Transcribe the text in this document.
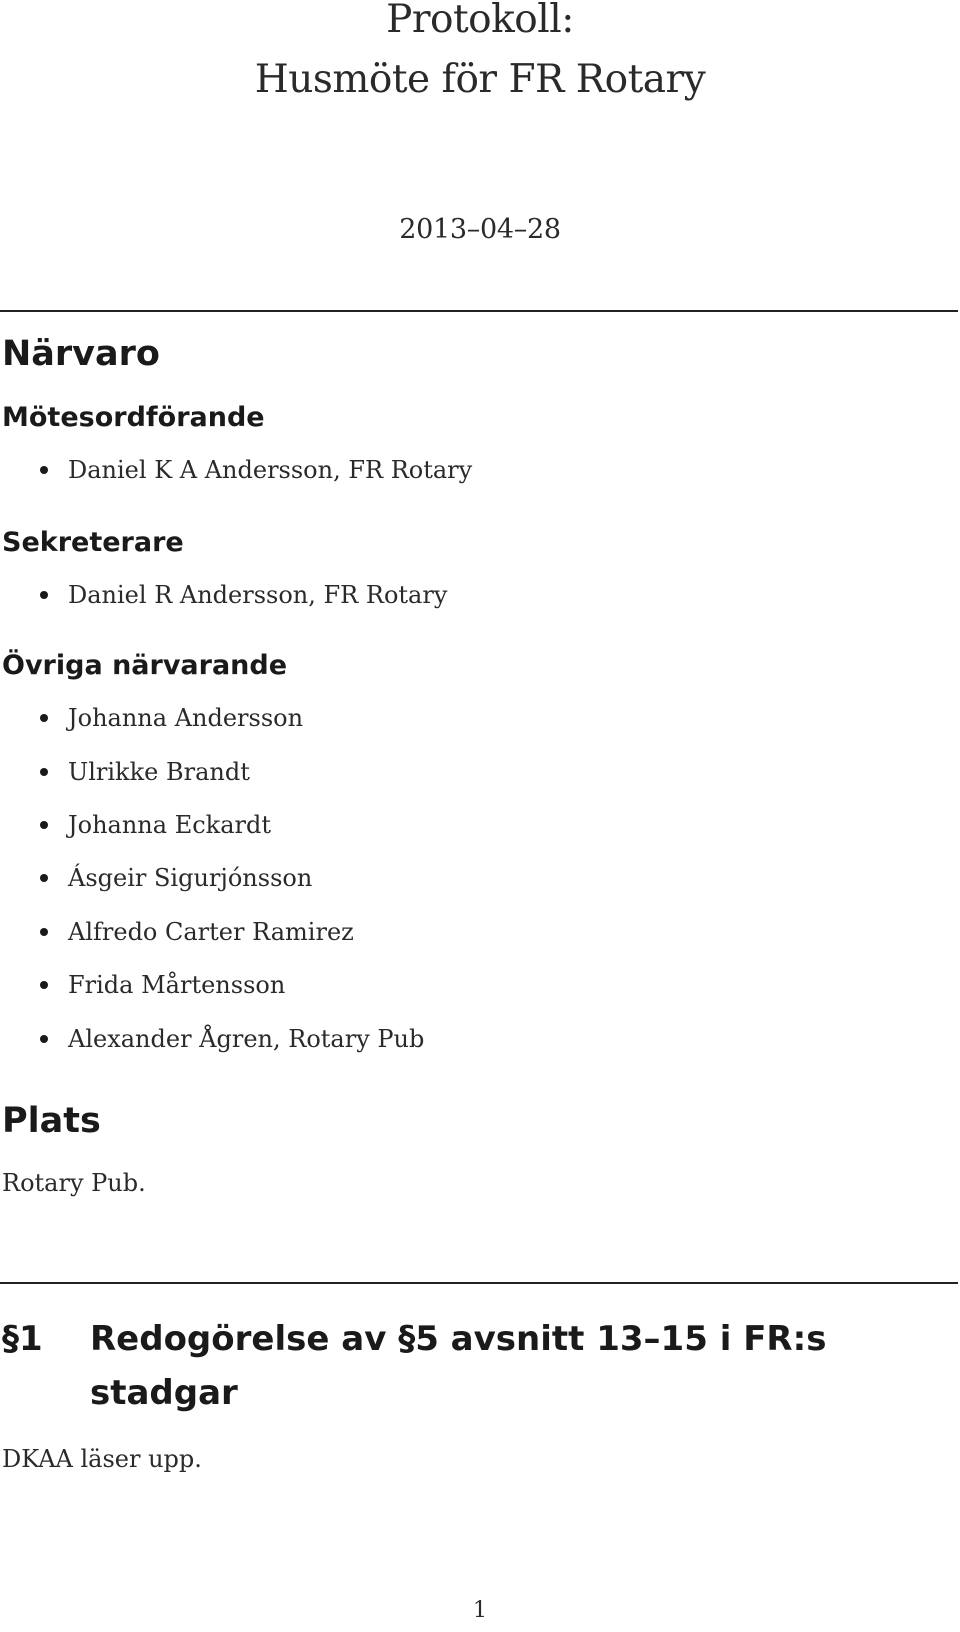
Protokoll:
Husmöte för FR Rotary
2013–04–28
Närvaro
Mötesordförande
Daniel K A Andersson, FR Rotary
Sekreterare
Daniel R Andersson, FR Rotary
Övriga närvarande
Johanna Andersson
Ulrikke Brandt
Johanna Eckardt
Ásgeir Sigurjónsson
Alfredo Carter Ramirez
Frida Mårtensson
Alexander Ågren, Rotary Pub
Plats
Rotary Pub.
§1 Redogörelse av §5 avsnitt 13–15 i FR:s stadgar
DKAA läser upp.
1
